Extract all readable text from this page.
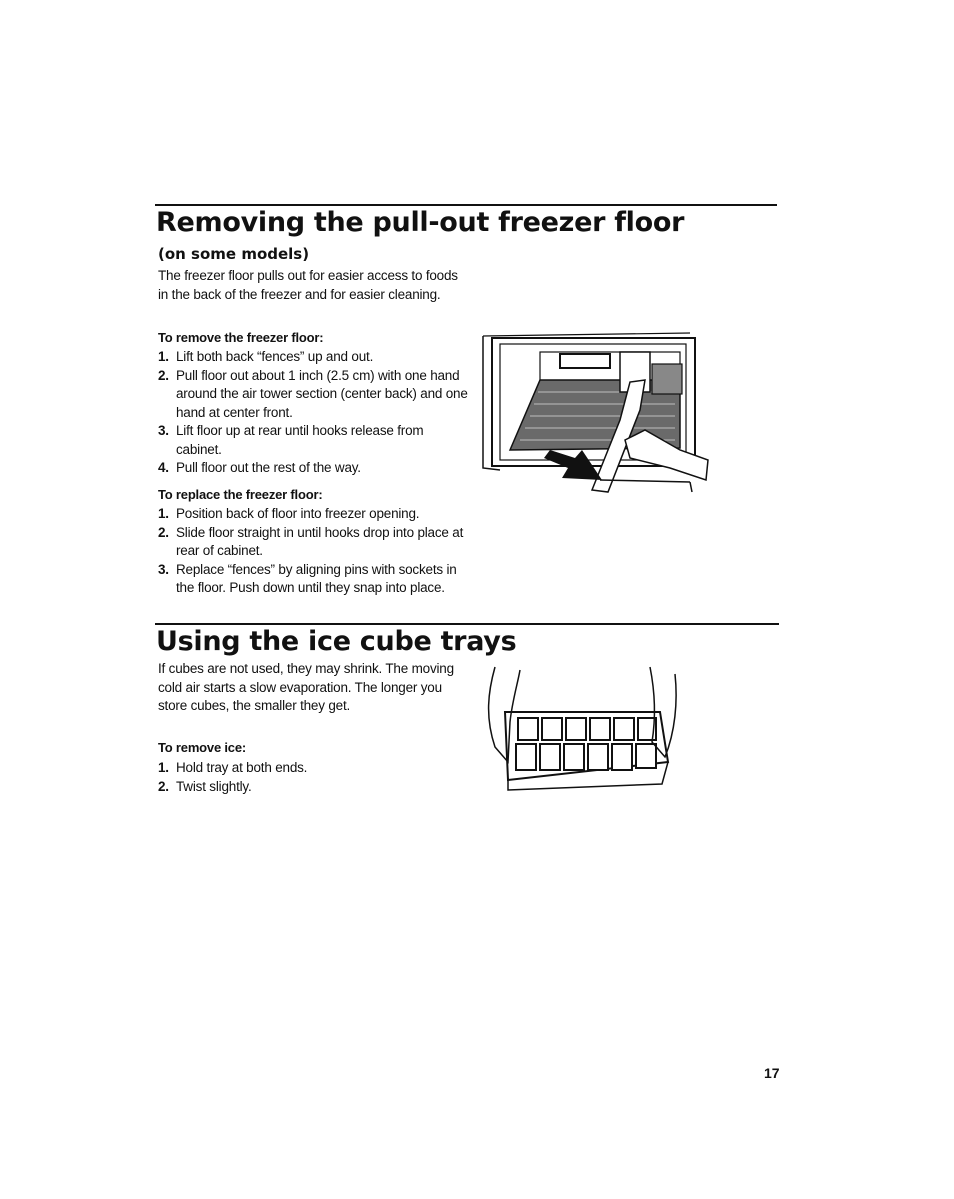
Removing the pull-out freezer floor
(on some models)

The freezer floor pulls out for easier access to foods in the back of the freezer and for easier cleaning.

To remove the freezer floor:
1. Lift both back “fences” up and out.
2. Pull floor out about 1 inch (2.5 cm) with one hand around the air tower section (center back) and one hand at center front.
3. Lift floor up at rear until hooks release from cabinet.
4. Pull floor out the rest of the way.
To replace the freezer floor:
1. Position back of floor into freezer opening.
2. Slide floor straight in until hooks drop into place at rear of cabinet.
3. Replace “fences” by aligning pins with sockets in the floor. Push down until they snap into place.
Using the ice cube trays

If cubes are not used, they may shrink. The moving cold air starts a slow evaporation. The longer you store cubes, the smaller they get.

To remove ice:
1. Hold tray at both ends.
2. Twist slightly.
17
